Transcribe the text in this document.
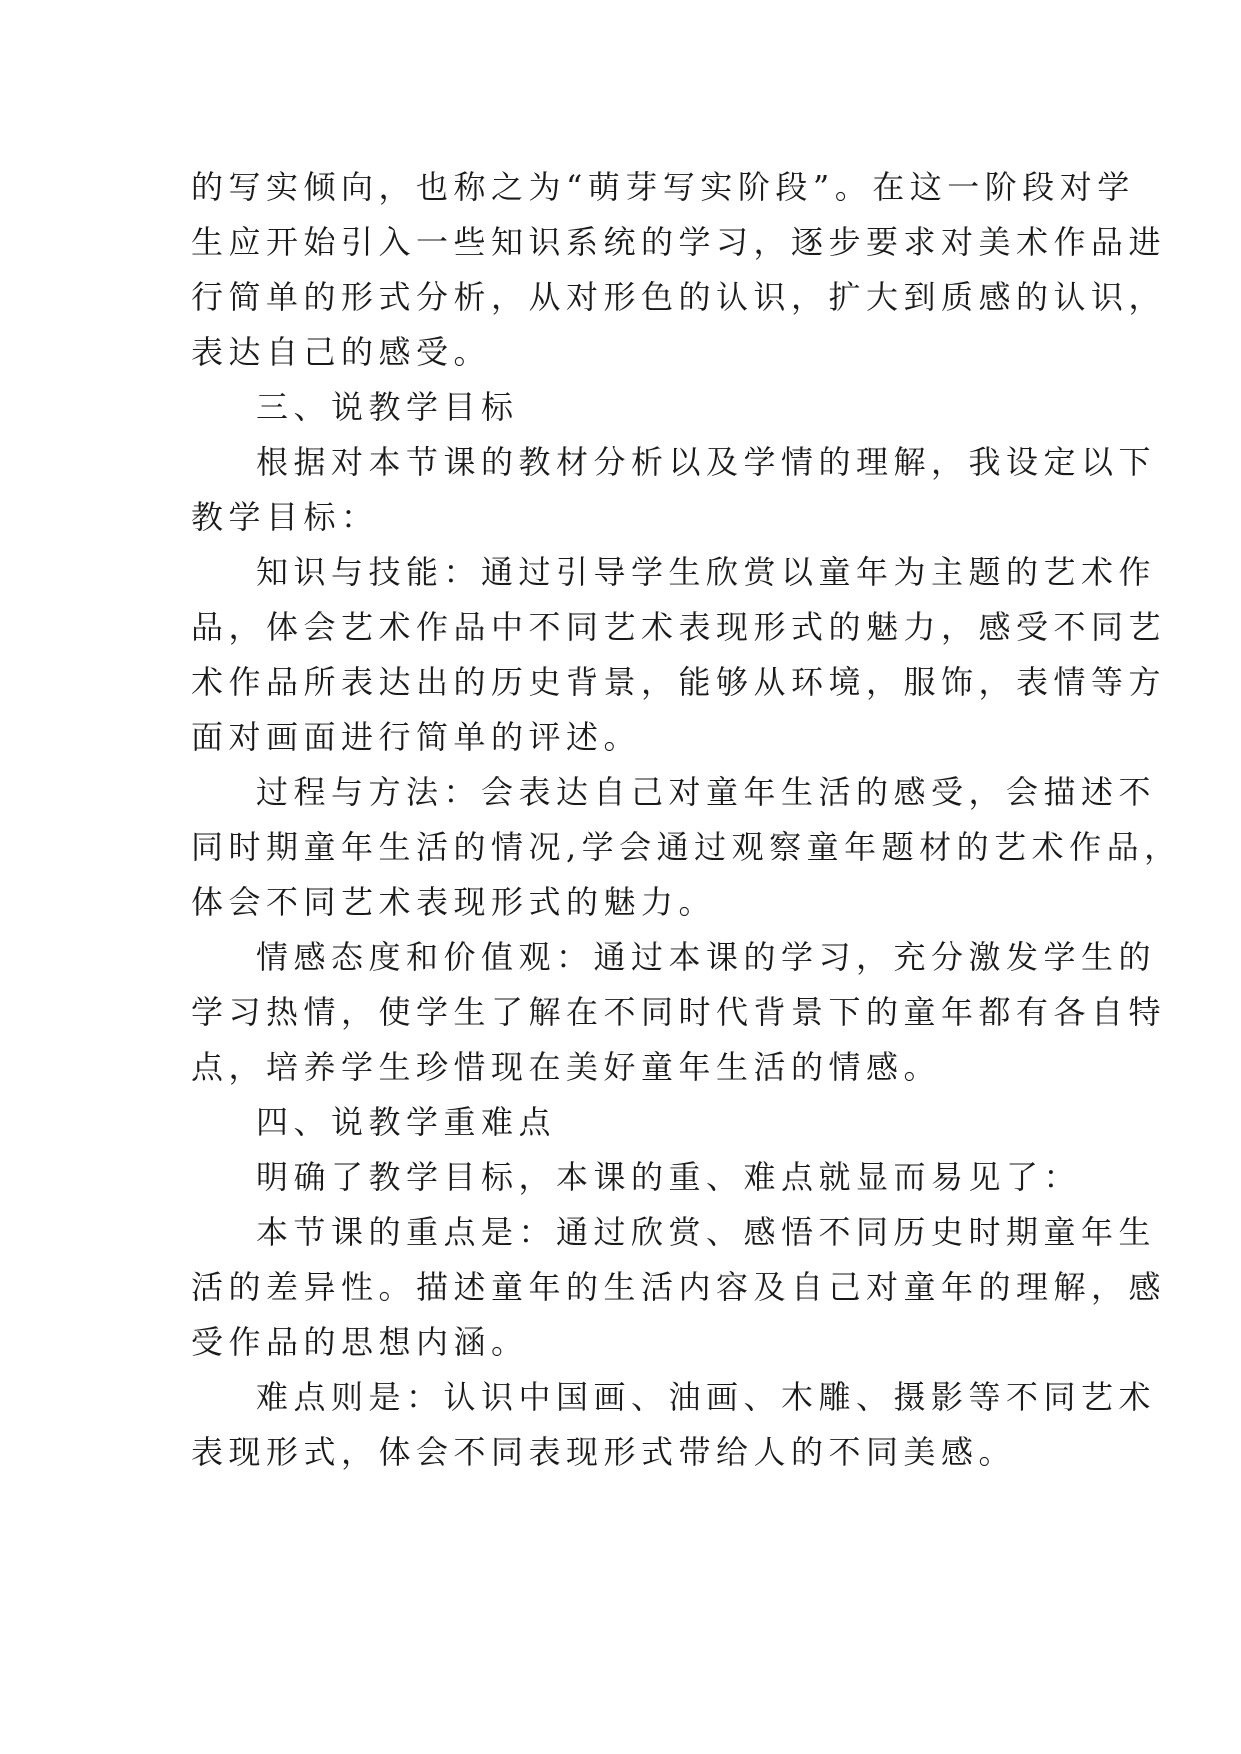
的写实倾向，也称之为“萌芽写实阶段”。在这一阶段对学
生应开始引入一些知识系统的学习，逐步要求对美术作品进
行简单的形式分析，从对形色的认识，扩大到质感的认识，
表达自己的感受。
三、说教学目标
根据对本节课的教材分析以及学情的理解，我设定以下
教学目标：
知识与技能：通过引导学生欣赏以童年为主题的艺术作
品，体会艺术作品中不同艺术表现形式的魅力，感受不同艺
术作品所表达出的历史背景，能够从环境，服饰，表情等方
面对画面进行简单的评述。
过程与方法：会表达自己对童年生活的感受，会描述不
同时期童年生活的情况,学会通过观察童年题材的艺术作品，
体会不同艺术表现形式的魅力。
情感态度和价值观：通过本课的学习，充分激发学生的
学习热情，使学生了解在不同时代背景下的童年都有各自特
点，培养学生珍惜现在美好童年生活的情感。
四、说教学重难点
明确了教学目标，本课的重、难点就显而易见了：
本节课的重点是：通过欣赏、感悟不同历史时期童年生
活的差异性。描述童年的生活内容及自己对童年的理解，感
受作品的思想内涵。
难点则是：认识中国画、油画、木雕、摄影等不同艺术
表现形式，体会不同表现形式带给人的不同美感。
